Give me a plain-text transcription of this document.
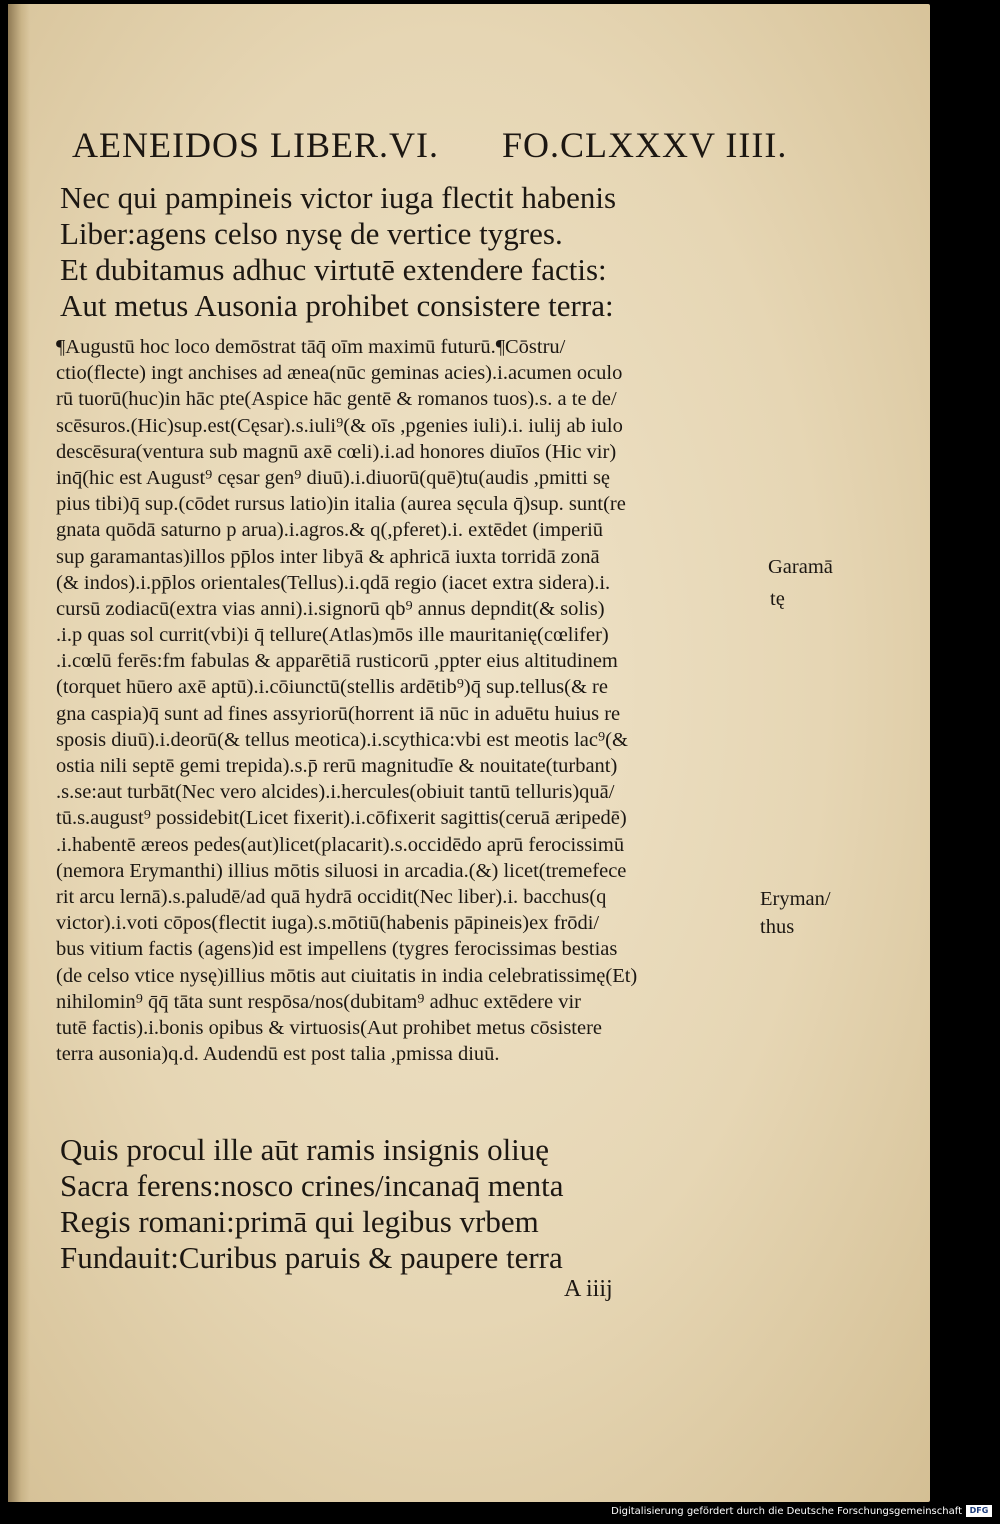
AENEIDOS LIBER.VI. FO.CLXXXV IIII.
Nec qui pampineis victor iuga flectit habenis
Liber:agens celso nysę de vertice tygres.
Et dubitamus adhuc virtutē extendere factis:
Aut metus Ausonia prohibet consistere terra:
¶Augustū hoc loco demōstrat tāq̄ oīm maximū futurū.¶Cōstru/
ctio(flecte) ingt anchises ad ænea(nūc geminas acies).i.acumen oculo
rū tuorū(huc)in hāc pte(Aspice hāc gentē & romanos tuos).s. a te de/
scēsuros.(Hic)sup.est(Cęsar).s.iuli⁹(& oīs ,pgenies iuli).i. iulij ab iulo
descēsura(ventura sub magnū axē cœli).i.ad honores diuīos (Hic vir)
inq̄(hic est August⁹ cęsar gen⁹ diuū).i.diuorū(quē)tu(audis ,pmitti sę
pius tibi)q̄ sup.(cōdet rursus latio)in italia (aurea sęcula q̄)sup. sunt(re
gnata quōdā saturno p arua).i.agros.& q(,pferet).i. extēdet (imperiū
sup garamantas)illos pp̄los inter libyā & aphricā iuxta torridā zonā
(& indos).i.pp̄los orientales(Tellus).i.qdā regio (iacet extra sidera).i.
cursū zodiacū(extra vias anni).i.signorū qb⁹ annus depndit(& solis)
.i.p quas sol currit(vbi)i q̄ tellure(Atlas)mōs ille mauritanię(cœlifer)
.i.cœlū ferēs:fm fabulas & apparētiā rusticorū ,ppter eius altitudinem
(torquet hūero axē aptū).i.cōiunctū(stellis ardētib⁹)q̄ sup.tellus(& re
gna caspia)q̄ sunt ad fines assyriorū(horrent iā nūc in aduētu huius re
sposis diuū).i.deorū(& tellus meotica).i.scythica:vbi est meotis lac⁹(&
ostia nili septē gemi trepida).s.p̄ rerū magnitudīe & nouitate(turbant)
.s.se:aut turbāt(Nec vero alcides).i.hercules(obiuit tantū telluris)quā/
tū.s.august⁹ possidebit(Licet fixerit).i.cōfixerit sagittis(ceruā æripedē)
.i.habentē æreos pedes(aut)licet(placarit).s.occidēdo aprū ferocissimū
(nemora Erymanthi) illius mōtis siluosi in arcadia.(&) licet(tremefece
rit arcu lernā).s.paludē/ad quā hydrā occidit(Nec liber).i. bacchus(q
victor).i.voti cōpos(flectit iuga).s.mōtiū(habenis pāpineis)ex frōdi/
bus vitium factis (agens)id est impellens (tygres ferocissimas bestias
(de celso vtice nysę)illius mōtis aut ciuitatis in india celebratissimę(Et)
nihilomin⁹ q̄q̄ tāta sunt respōsa/nos(dubitam⁹ adhuc extēdere vir
tutē factis).i.bonis opibus & virtuosis(Aut prohibet metus cōsistere
terra ausonia)q.d. Audendū est post talia ,pmissa diuū.
Garamā
tę
Eryman/
thus
Quis procul ille aūt ramis insignis oliuę
Sacra ferens:nosco crines/incanaq̄ menta
Regis romani:primā qui legibus vrbem
Fundauit:Curibus paruis & paupere terra
A iiij
Digitalisierung gefördert durch die Deutsche Forschungsgemeinschaft DFG
